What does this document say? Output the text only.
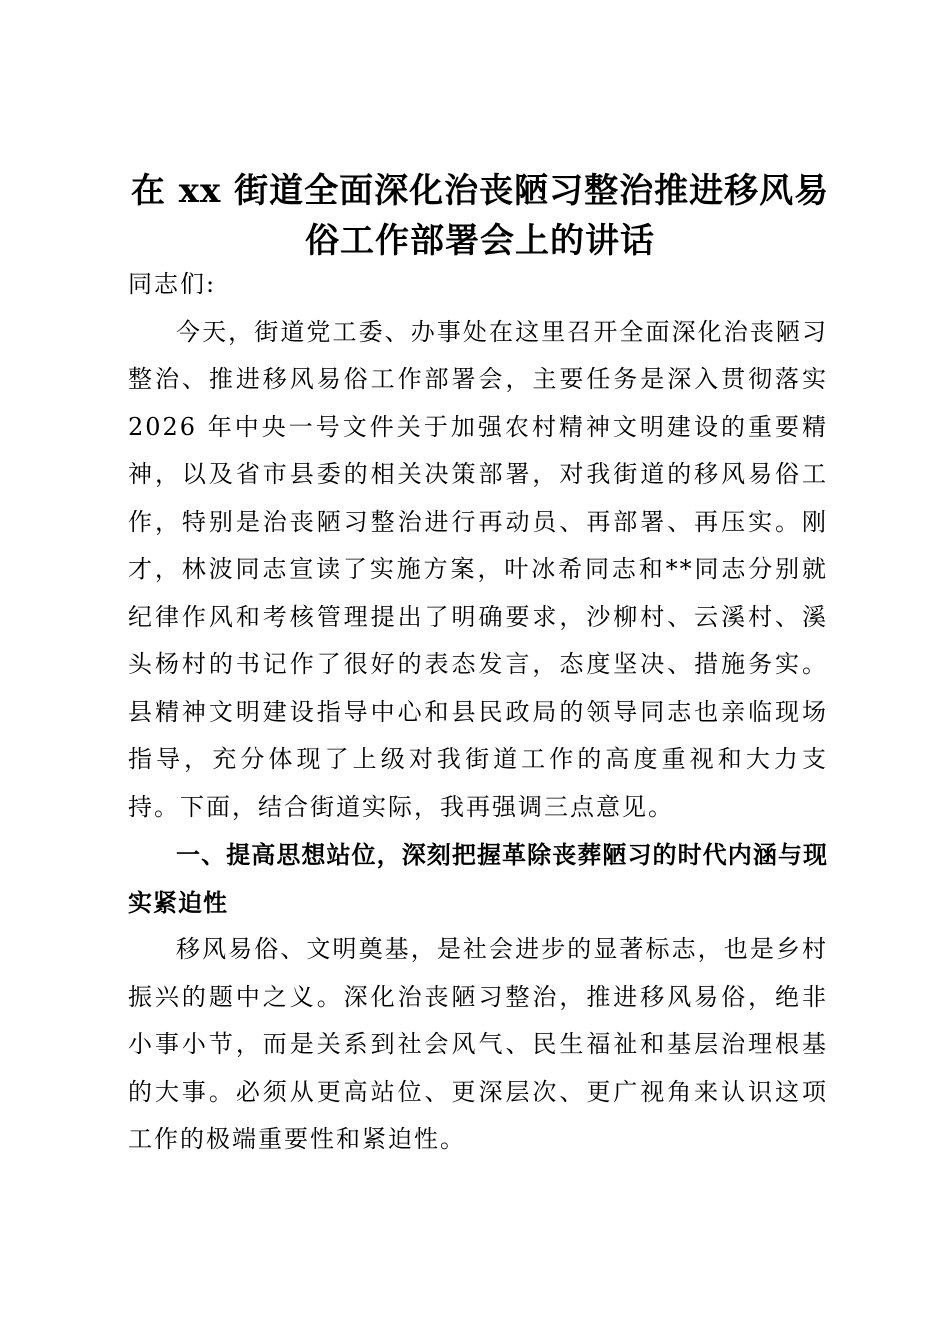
在 xx 街道全面深化治丧陋习整治推进移风易
俗工作部署会上的讲话

同志们:

今天，街道党工委、办事处在这里召开全面深化治丧陋习整治、推进移风易俗工作部署会，主要任务是深入贯彻落实 2026 年中央一号文件关于加强农村精神文明建设的重要精神，以及省市县委的相关决策部署，对我街道的移风易俗工作，特别是治丧陋习整治进行再动员、再部署、再压实。刚才，林波同志宣读了实施方案，叶冰希同志和**同志分别就纪律作风和考核管理提出了明确要求，沙柳村、云溪村、溪头杨村的书记作了很好的表态发言，态度坚决、措施务实。县精神文明建设指导中心和县民政局的领导同志也亲临现场指导，充分体现了上级对我街道工作的高度重视和大力支持。下面，结合街道实际，我再强调三点意见。

一、提高思想站位，深刻把握革除丧葬陋习的时代内涵与现实紧迫性

移风易俗、文明奠基，是社会进步的显著标志，也是乡村振兴的题中之义。深化治丧陋习整治，推进移风易俗，绝非小事小节，而是关系到社会风气、民生福祉和基层治理根基的大事。必须从更高站位、更深层次、更广视角来认识这项工作的极端重要性和紧迫性。
